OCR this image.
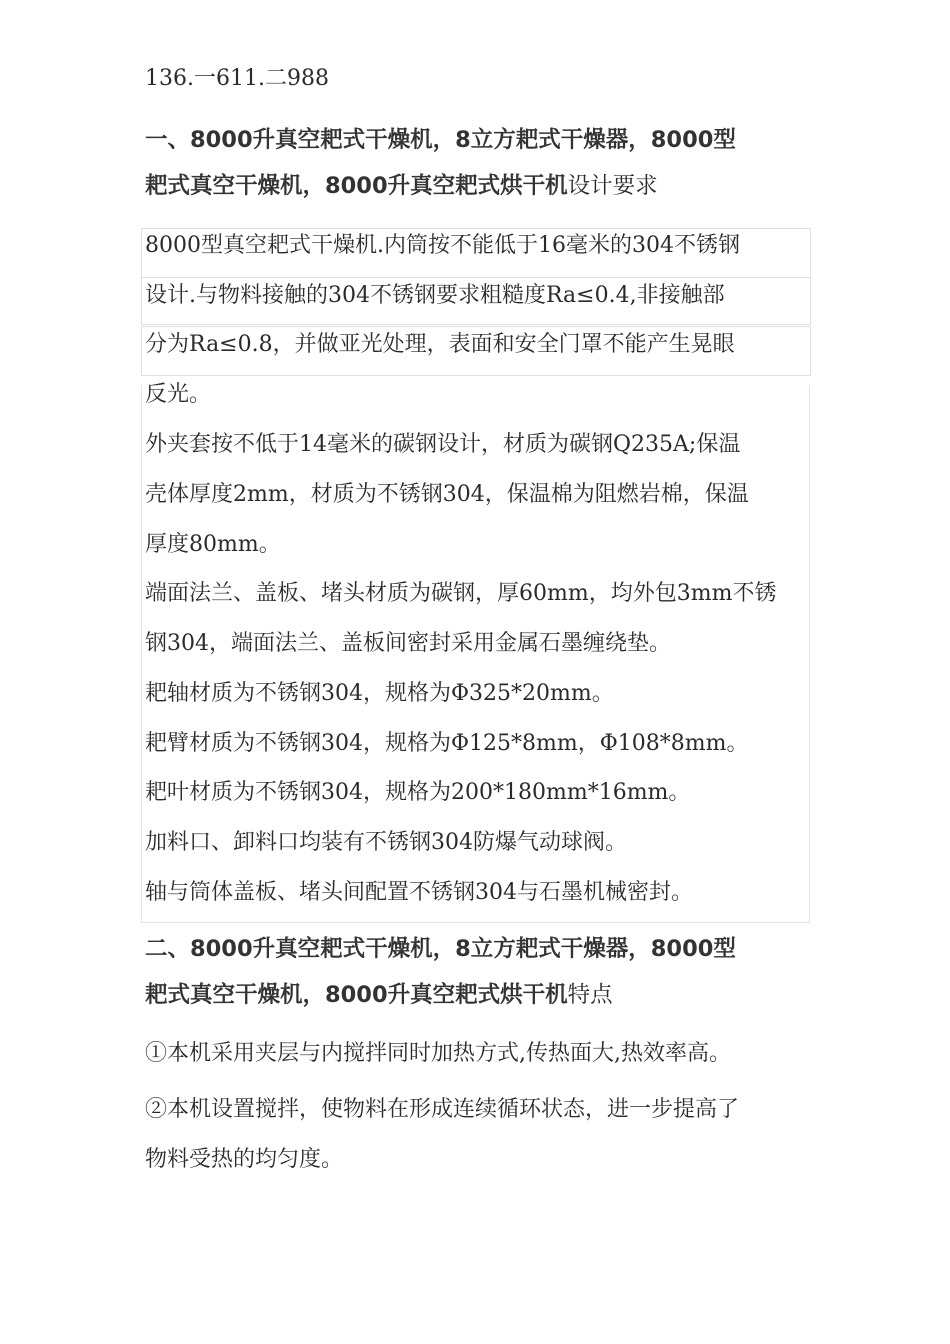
136.一611.二988
一、8000升真空耙式干燥机，8立方耙式干燥器，8000型
耙式真空干燥机，8000升真空耙式烘干机设计要求
8000型真空耙式干燥机.内筒按不能低于16毫米的304不锈钢
设计.与物料接触的304不锈钢要求粗糙度Ra≤0.4,非接触部
分为Ra≤0.8，并做亚光处理，表面和安全门罩不能产生晃眼
反光。
外夹套按不低于14毫米的碳钢设计，材质为碳钢Q235A;保温
壳体厚度2mm，材质为不锈钢304，保温棉为阻燃岩棉，保温
厚度80mm。
端面法兰、盖板、堵头材质为碳钢，厚60mm，均外包3mm不锈
钢304，端面法兰、盖板间密封采用金属石墨缠绕垫。
耙轴材质为不锈钢304，规格为Φ325*20mm。
耙臂材质为不锈钢304，规格为Φ125*8mm，Φ108*8mm。
耙叶材质为不锈钢304，规格为200*180mm*16mm。
加料口、卸料口均装有不锈钢304防爆气动球阀。
轴与筒体盖板、堵头间配置不锈钢304与石墨机械密封。
二、8000升真空耙式干燥机，8立方耙式干燥器，8000型
耙式真空干燥机，8000升真空耙式烘干机特点
①本机采用夹层与内搅拌同时加热方式,传热面大,热效率高。
②本机设置搅拌，使物料在形成连续循环状态，进一步提高了
物料受热的均匀度。
